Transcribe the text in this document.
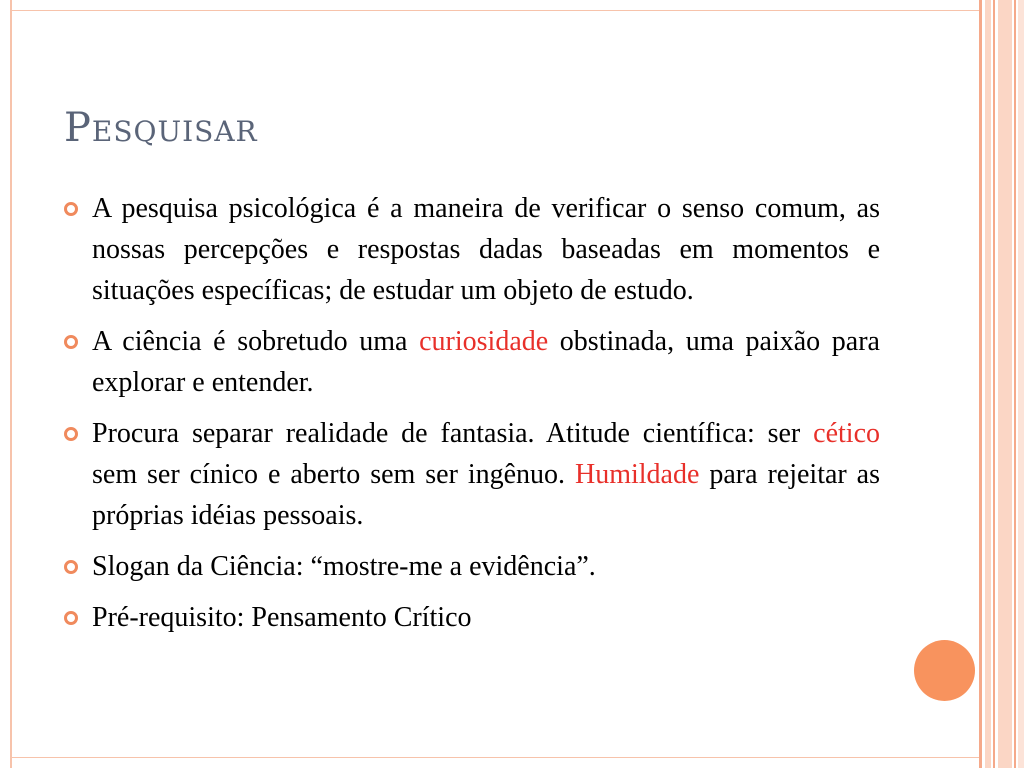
Pesquisar
A pesquisa psicológica é a maneira de verificar o senso comum, as nossas percepções e respostas dadas baseadas em momentos e situações específicas; de estudar um objeto de estudo.
A ciência é sobretudo uma curiosidade obstinada, uma paixão para explorar e entender.
Procura separar realidade de fantasia. Atitude científica: ser cético sem ser cínico e aberto sem ser ingênuo. Humildade para rejeitar as próprias idéias pessoais.
Slogan da Ciência: “mostre-me a evidência”.
Pré-requisito: Pensamento Crítico
